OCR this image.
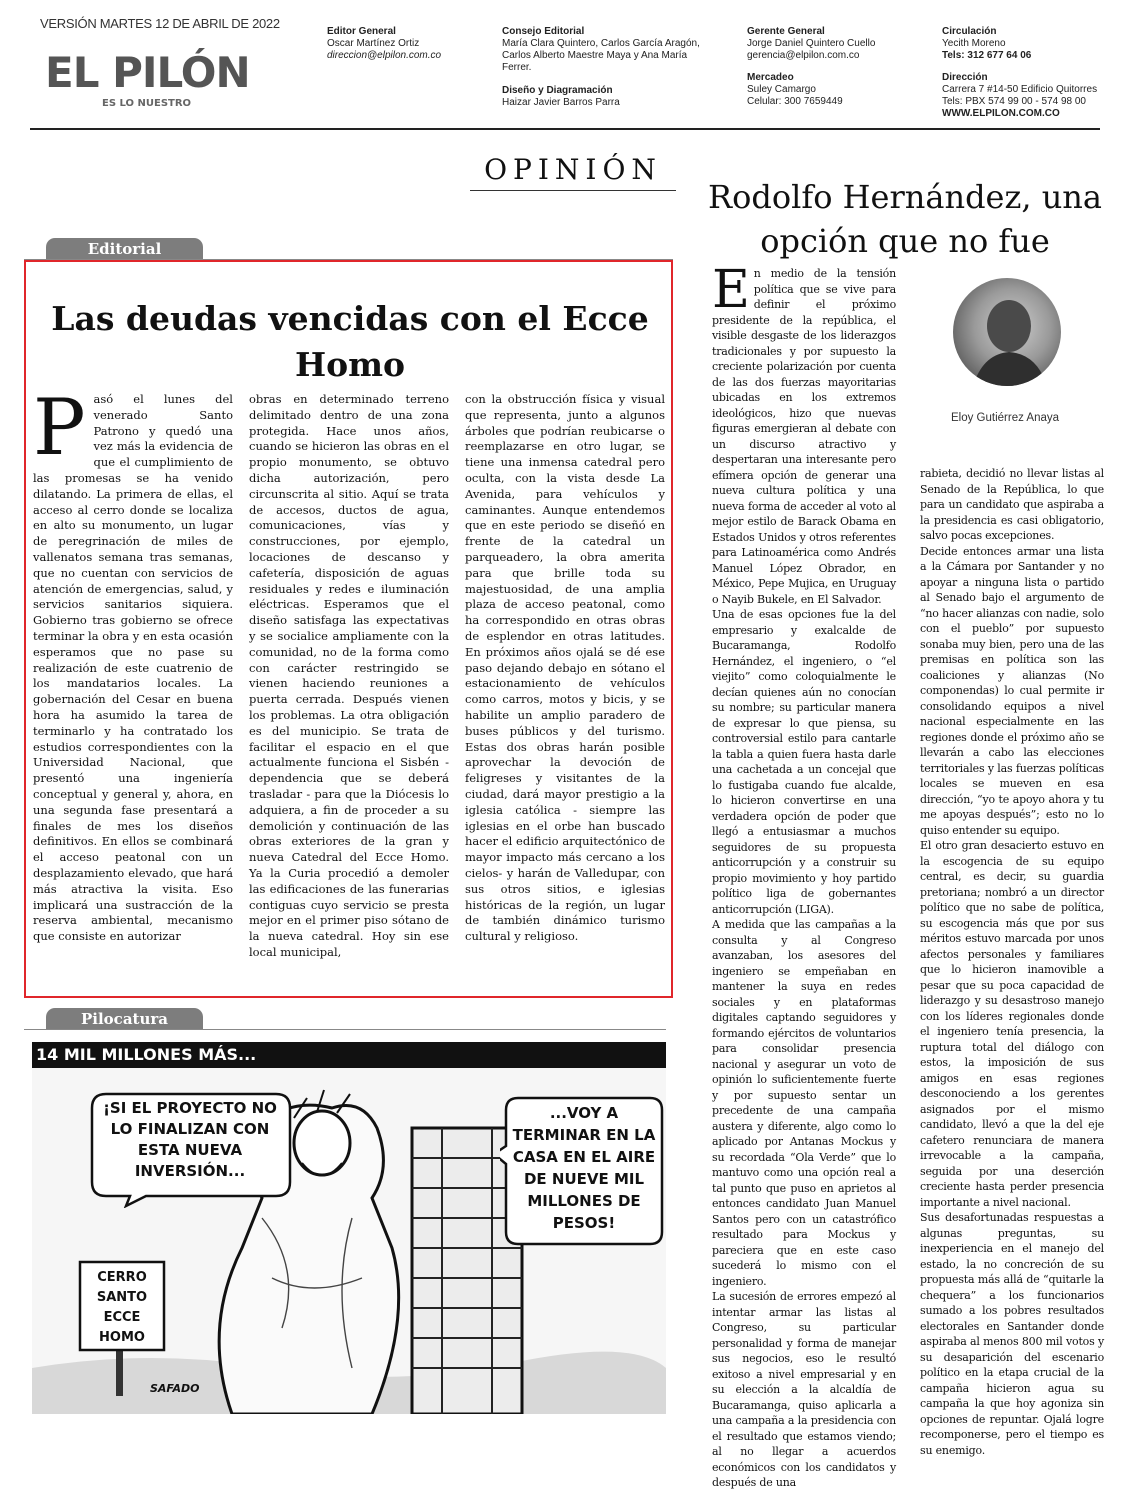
VERSIÓN MARTES 12 DE ABRIL DE 2022
EL PILÓN
ES LO NUESTRO
Editor General
Oscar Martínez Ortiz
direccion@elpilon.com.co
Consejo Editorial
María Clara Quintero, Carlos García Aragón, Carlos Alberto Maestre Maya y Ana María Ferrer.
Diseño y Diagramación
Haizar Javier Barros Parra
Gerente General
Jorge Daniel Quintero Cuello
gerencia@elpilon.com.co
Mercadeo
Suley Camargo
Celular: 300 7659449
Circulación
Yecith Moreno
Tels: 312 677 64 06
Dirección
Carrera 7 #14-50 Edificio Quitorres
Tels: PBX 574 99 00 - 574 98 00
WWW.ELPILON.COM.CO
OPINIÓN
Editorial
Las deudas vencidas con el Ecce Homo
Pasó el lunes del venerado Santo Patrono y quedó una vez más la evidencia de que el cumplimiento de las promesas se ha venido dilatando. La primera de ellas, el acceso al cerro donde se localiza en alto su monumento, un lugar de peregrinación de miles de vallenatos semana tras semanas, que no cuentan con servicios de atención de emergencias, salud, y servicios sanitarios siquiera. Gobierno tras gobierno se ofrece terminar la obra y en esta ocasión esperamos que no pase su realización de este cuatrenio de los mandatarios locales. La gobernación del Cesar en buena hora ha asumido la tarea de terminarlo y ha contratado los estudios correspondientes con la Universidad Nacional, que presentó una ingeniería conceptual y general y, ahora, en una segunda fase presentará a finales de mes los diseños definitivos. En ellos se combinará el acceso peatonal con un desplazamiento elevado, que hará más atractiva la visita. Eso implicará una sustracción de la reserva ambiental, mecanismo que consiste en autorizar
obras en determinado terreno delimitado dentro de una zona protegida. Hace unos años, cuando se hicieron las obras en el propio monumento, se obtuvo dicha autorización, pero circunscrita al sitio. Aquí se trata de accesos, ductos de agua, comunicaciones, vías y construcciones, por ejemplo, locaciones de descanso y cafetería, disposición de aguas residuales y redes e iluminación eléctricas. Esperamos que el diseño satisfaga las expectativas y se socialice ampliamente con la comunidad, no de la forma como con carácter restringido se vienen haciendo reuniones a puerta cerrada. Después vienen los problemas. La otra obligación es del municipio. Se trata de facilitar el espacio en el que actualmente funciona el Sisbén - dependencia que se deberá trasladar - para que la Diócesis lo adquiera, a fin de proceder a su demolición y continuación de las obras exteriores de la gran y nueva Catedral del Ecce Homo. Ya la Curia procedió a demoler las edificaciones de las funerarias contiguas cuyo servicio se presta mejor en el primer piso sótano de la nueva catedral. Hoy sin ese local municipal,
con la obstrucción física y visual que representa, junto a algunos árboles que podrían reubicarse o reemplazarse en otro lugar, se tiene una inmensa catedral pero oculta, con la vista desde La Avenida, para vehículos y caminantes. Aunque entendemos que en este periodo se diseñó en frente de la catedral un parqueadero, la obra amerita para que brille toda su majestuosidad, de una amplia plaza de acceso peatonal, como ha correspondido en otras obras de esplendor en otras latitudes. En próximos años ojalá se dé ese paso dejando debajo en sótano el estacionamiento de vehículos como carros, motos y bicis, y se habilite un amplio paradero de buses públicos y del turismo. Estas dos obras harán posible aprovechar la devoción de feligreses y visitantes de la ciudad, dará mayor prestigio a la iglesia católica - siempre las iglesias en el orbe han buscado hacer el edificio arquitectónico de mayor impacto más cercano a los cielos- y harán de Valledupar, con sus otros sitios, e iglesias históricas de la región, un lugar de también dinámico turismo cultural y religioso.
Pilocatura
14 MIL MILLONES MÁS...
¡SI EL PROYECTO NO LO FINALIZAN CON ESTA NUEVA INVERSIÓN...
...VOY A TERMINAR EN LA CASA EN EL AIRE DE NUEVE MIL MILLONES DE PESOS!
CERRO SANTO ECCE HOMO
SAFADO
Rodolfo Hernández, una opción que no fue
Eloy Gutiérrez Anaya
En medio de la tensión política que se vive para definir el próximo presidente de la república, el visible desgaste de los liderazgos tradicionales y por supuesto la creciente polarización por cuenta de las dos fuerzas mayoritarias ubicadas en los extremos ideológicos, hizo que nuevas figuras emergieran al debate con un discurso atractivo y despertaran una interesante pero efímera opción de generar una nueva cultura política y una nueva forma de acceder al voto al mejor estilo de Barack Obama en Estados Unidos y otros referentes para Latinoamérica como Andrés Manuel López Obrador, en México, Pepe Mujica, en Uruguay o Nayib Bukele, en El Salvador.
Una de esas opciones fue la del empresario y exalcalde de Bucaramanga, Rodolfo Hernández, el ingeniero, o “el viejito” como coloquialmente le decían quienes aún no conocían su nombre; su particular manera de expresar lo que piensa, su controversial estilo para cantarle la tabla a quien fuera hasta darle una cachetada a un concejal que lo fustigaba cuando fue alcalde, lo hicieron convertirse en una verdadera opción de poder que llegó a entusiasmar a muchos seguidores de su propuesta anticorrupción y a construir su propio movimiento y hoy partido político liga de gobernantes anticorrupción (LIGA).
A medida que las campañas a la consulta y al Congreso avanzaban, los asesores del ingeniero se empeñaban en mantener la suya en redes sociales y en plataformas digitales captando seguidores y formando ejércitos de voluntarios para consolidar presencia nacional y asegurar un voto de opinión lo suficientemente fuerte y por supuesto sentar un precedente de una campaña austera y diferente, algo como lo aplicado por Antanas Mockus y su recordada “Ola Verde” que lo mantuvo como una opción real a tal punto que puso en aprietos al entonces candidato Juan Manuel Santos pero con un catastrófico resultado para Mockus y pareciera que en este caso sucederá lo mismo con el ingeniero.
La sucesión de errores empezó al intentar armar las listas al Congreso, su particular personalidad y forma de manejar sus negocios, eso le resultó exitoso a nivel empresarial y en su elección a la alcaldía de Bucaramanga, quiso aplicarla a una campaña a la presidencia con el resultado que estamos viendo; al no llegar a acuerdos económicos con los candidatos y después de una
rabieta, decidió no llevar listas al Senado de la República, lo que para un candidato que aspiraba a la presidencia es casi obligatorio, salvo pocas excepciones.
Decide entonces armar una lista a la Cámara por Santander y no apoyar a ninguna lista o partido al Senado bajo el argumento de “no hacer alianzas con nadie, solo con el pueblo” por supuesto sonaba muy bien, pero una de las premisas en política son las coaliciones y alianzas (No componendas) lo cual permite ir consolidando equipos a nivel nacional especialmente en las regiones donde el próximo año se llevarán a cabo las elecciones territoriales y las fuerzas políticas locales se mueven en esa dirección, “yo te apoyo ahora y tu me apoyas después”; esto no lo quiso entender su equipo.
El otro gran desacierto estuvo en la escogencia de su equipo central, es decir, su guardia pretoriana; nombró a un director político que no sabe de política, su escogencia más que por sus méritos estuvo marcada por unos afectos personales y familiares que lo hicieron inamovible a pesar que su poca capacidad de liderazgo y su desastroso manejo con los líderes regionales donde el ingeniero tenía presencia, la ruptura total del diálogo con estos, la imposición de sus amigos en esas regiones desconociendo a los gerentes asignados por el mismo candidato, llevó a que la del eje cafetero renunciara de manera irrevocable a la campaña, seguida por una deserción creciente hasta perder presencia importante a nivel nacional.
Sus desafortunadas respuestas a algunas preguntas, su inexperiencia en el manejo del estado, la no concreción de su propuesta más allá de “quitarle la chequera” a los funcionarios sumado a los pobres resultados electorales en Santander donde aspiraba al menos 800 mil votos y su desaparición del escenario político en la etapa crucial de la campaña hicieron agua su campaña la que hoy agoniza sin opciones de repuntar. Ojalá logre recomponerse, pero el tiempo es su enemigo.
